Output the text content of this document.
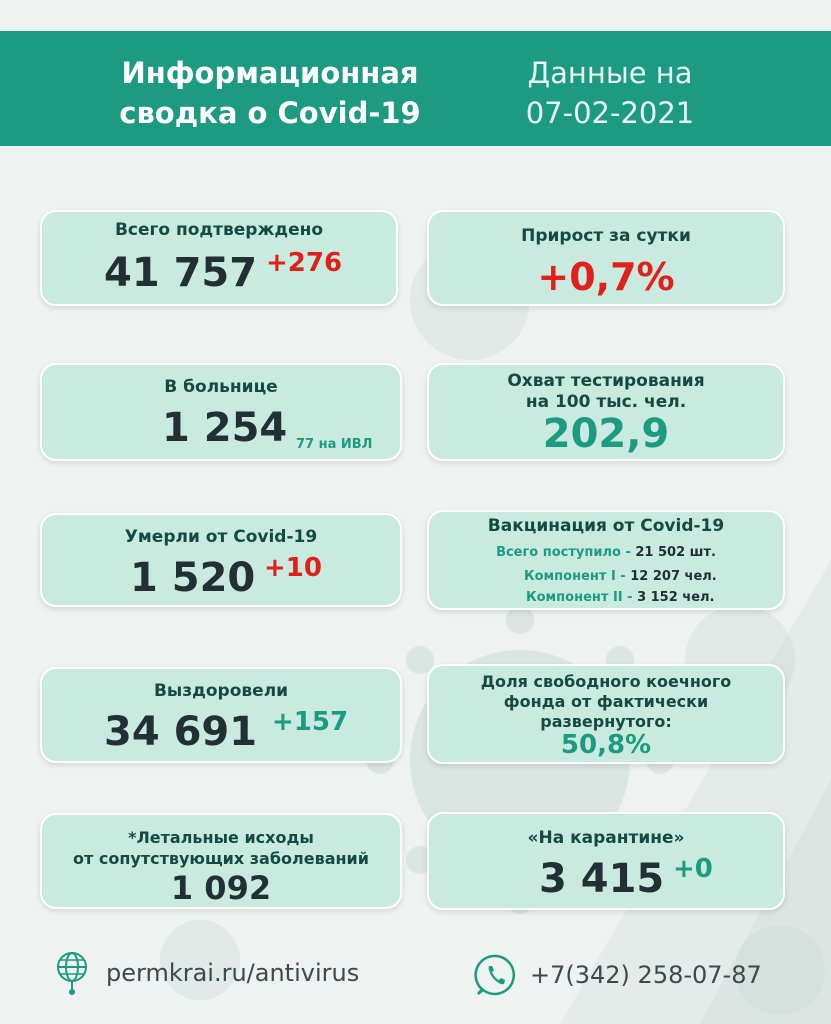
Информационная
сводка о Covid-19
Данные на
07-02-2021
Всего подтверждено
41 757 +276
Прирост за сутки
+0,7%
В больнице
1 254 77 на ИВЛ
Охват тестирования
на 100 тыс. чел.
202,9
Умерли от Covid-19
1 520 +10
Вакцинация от Covid-19
Всего поступило - 21 502 шт.
Компонент I - 12 207 чел.
Компонент II - 3 152 чел.
Выздоровели
34 691 +157
Доля свободного коечного
фонда от фактически
развернутого:
50,8%
*Летальные исходы
от сопутствующих заболеваний
1 092
«На карантине»
3 415 +0
permkrai.ru/antivirus	+7(342) 258-07-87
